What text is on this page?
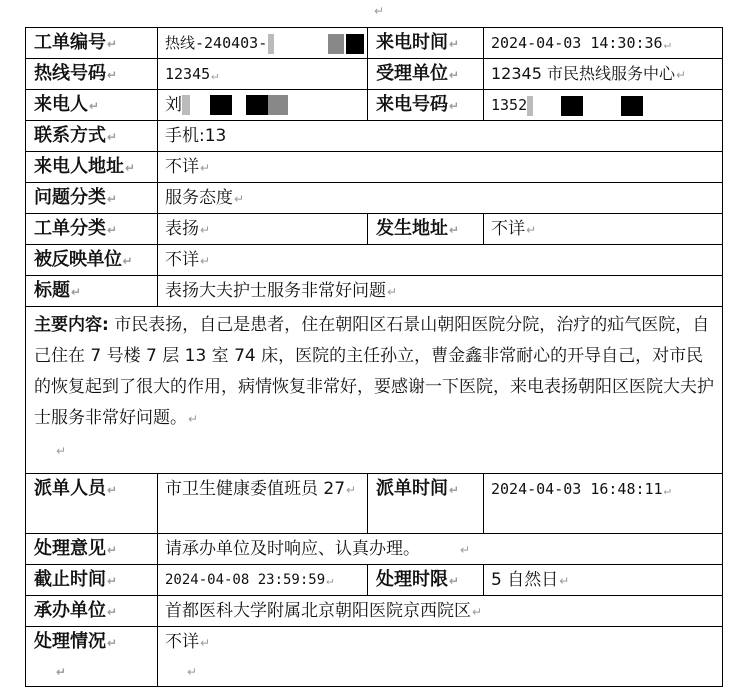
↵
工单编号↵	热线-240403-	来电时间↵	2024-04-03 14:30:36↵
热线号码↵	12345↵	受理单位↵	12345 市民热线服务中心↵
来电人↵	刘	来电号码↵	1352
联系方式↵	手机:13		
来电人地址↵	不详↵		
问题分类↵	服务态度↵		
工单分类↵	表扬↵	发生地址↵	不详↵
被反映单位↵	不详↵		
标题↵	表扬大夫护士服务非常好问题↵		
主要内容: 市民表扬，自己是患者，住在朝阳区石景山朝阳医院分院，治疗的疝气医院，自己住在 7 号楼 7 层 13 室 74 床，医院的主任孙立，曹金鑫非常耐心的开导自己，对市民的恢复起到了很大的作用，病情恢复非常好，要感谢一下医院，来电表扬朝阳区医院大夫护士服务非常好问题。↵
↵			
派单人员↵	市卫生健康委值班员 27↵	派单时间↵	2024-04-03 16:48:11↵
处理意见↵	请承办单位及时响应、认真办理。 ↵		
截止时间↵	2024-04-08 23:59:59↵	处理时限↵	5 自然日↵
承办单位↵	首都医科大学附属北京朝阳医院京西院区↵		
处理情况↵
↵	不详↵
↵		
